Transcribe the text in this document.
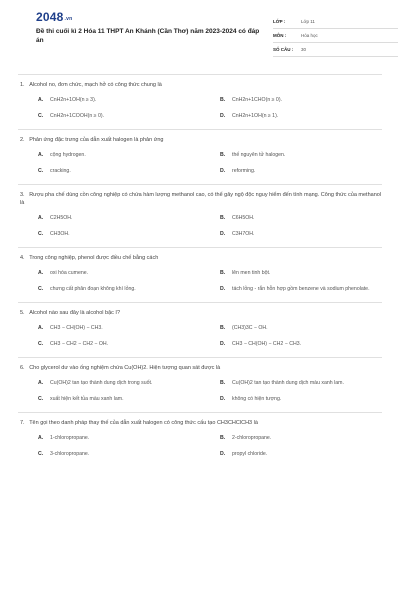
2048.vn
Đề thi cuối kì 2 Hóa 11 THPT An Khánh (Cần Thơ) năm 2023-2024 có đáp án
LỚP :	Lớp 11
MÔN :	Hóa học
SỐ CÂU :	30
1. Alcohol no, đơn chức, mạch hở có công thức chung là
A.	CnH2n+1OH(n ≥ 3).	B.	CnH2n+1CHO(n ≥ 0).
C.	CnH2n+1COOH(n ≥ 0).	D.	CnH2n+1OH(n ≥ 1).
2. Phản ứng đặc trưng của dẫn xuất halogen là phản ứng
A.	cộng hydrogen.	B.	thế nguyên tử halogen.
C.	cracking.	D.	reforming.
3. Rượu pha chế dùng cồn công nghiệp có chứa hàm lượng methanol cao, có thể gây ngộ độc nguy hiểm đến tính mạng. Công thức của methanol là
A.	C2H5OH.	B.	C6H5OH.
C.	CH3OH.	D.	C3H7OH.
4. Trong công nghiệp, phenol được điều chế bằng cách
A.	oxi hóa cumene.	B.	lên men tinh bột.
C.	chưng cất phân đoạn không khí lỏng.	D.	tách lỏng - rắn hỗn hợp gồm benzene và sodium phenolate.
5. Alcohol nào sau đây là alcohol bậc I?
A.	CH3 − CH(OH) − CH3.	B.	(CH3)3C − OH.
C.	CH3 − CH2 − CH2 − OH.	D.	CH3 − CH(OH) − CH2 − CH3.
6. Cho glycerol dư vào ống nghiệm chứa Cu(OH)2. Hiện tượng quan sát được là
A.	Cu(OH)2 tan tạo thành dung dịch trong suốt.	B.	Cu(OH)2 tan tạo thành dung dịch màu xanh lam.
C.	xuất hiện kết tủa màu xanh lam.	D.	không có hiện tượng.
7. Tên gọi theo danh pháp thay thế của dẫn xuất halogen có công thức cấu tạo CH3CHClCH3 là
A.	1-chloropropane.	B.	2-chloropropane.
C.	3-chloropropane.	D.	propyl chloride.
